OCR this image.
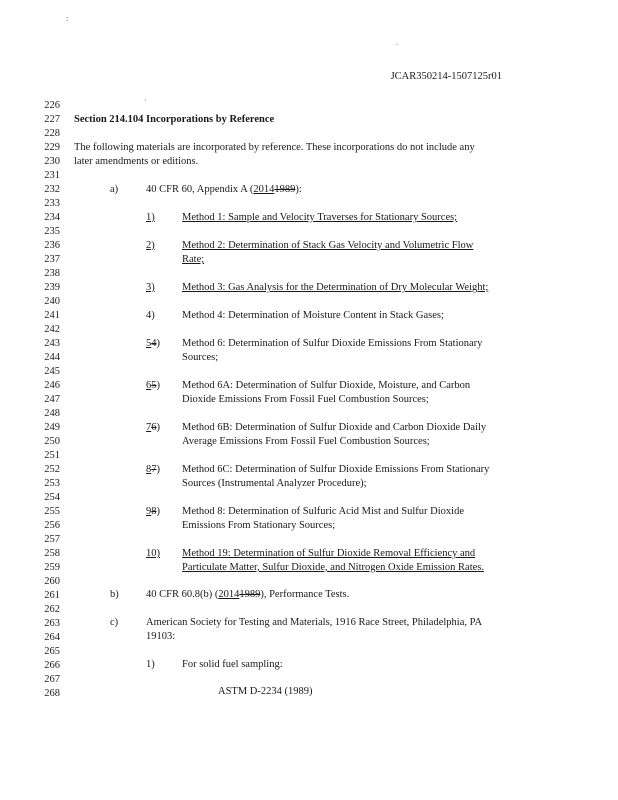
:
·
.
JCAR350214-1507125r01
226
227
228
229
230
231
232
233
234
235
236
237
238
239
240
241
242
243
244
245
246
247
248
249
250
251
252
253
254
255
256
257
258
259
260
261
262
263
264
265
266
267
268
Section 214.104 Incorporations by Reference
The following materials are incorporated by reference. These incorporations do not include any
later amendments or editions.
a)	40 CFR 60, Appendix A (20141989):
1)	Method 1: Sample and Velocity Traverses for Stationary Sources;
2)	Method 2: Determination of Stack Gas Velocity and Volumetric Flow
Rate;
3)	Method 3: Gas Analysis for the Determination of Dry Molecular Weight;
4)	Method 4: Determination of Moisture Content in Stack Gases;
54) Method 6: Determination of Sulfur Dioxide Emissions From Stationary
Sources;
65) Method 6A: Determination of Sulfur Dioxide, Moisture, and Carbon
Dioxide Emissions From Fossil Fuel Combustion Sources;
76) Method 6B: Determination of Sulfur Dioxide and Carbon Dioxide Daily
Average Emissions From Fossil Fuel Combustion Sources;
87) Method 6C: Determination of Sulfur Dioxide Emissions From Stationary
Sources (Instrumental Analyzer Procedure);
98) Method 8: Determination of Sulfuric Acid Mist and Sulfur Dioxide
Emissions From Stationary Sources;
10) Method 19: Determination of Sulfur Dioxide Removal Efficiency and
Particulate Matter, Sulfur Dioxide, and Nitrogen Oxide Emission Rates.
b)	40 CFR 60.8(b) (20141989), Performance Tests.
c)	American Society for Testing and Materials, 1916 Race Street, Philadelphia, PA
19103:
1)	For solid fuel sampling:
ASTM D-2234 (1989)
